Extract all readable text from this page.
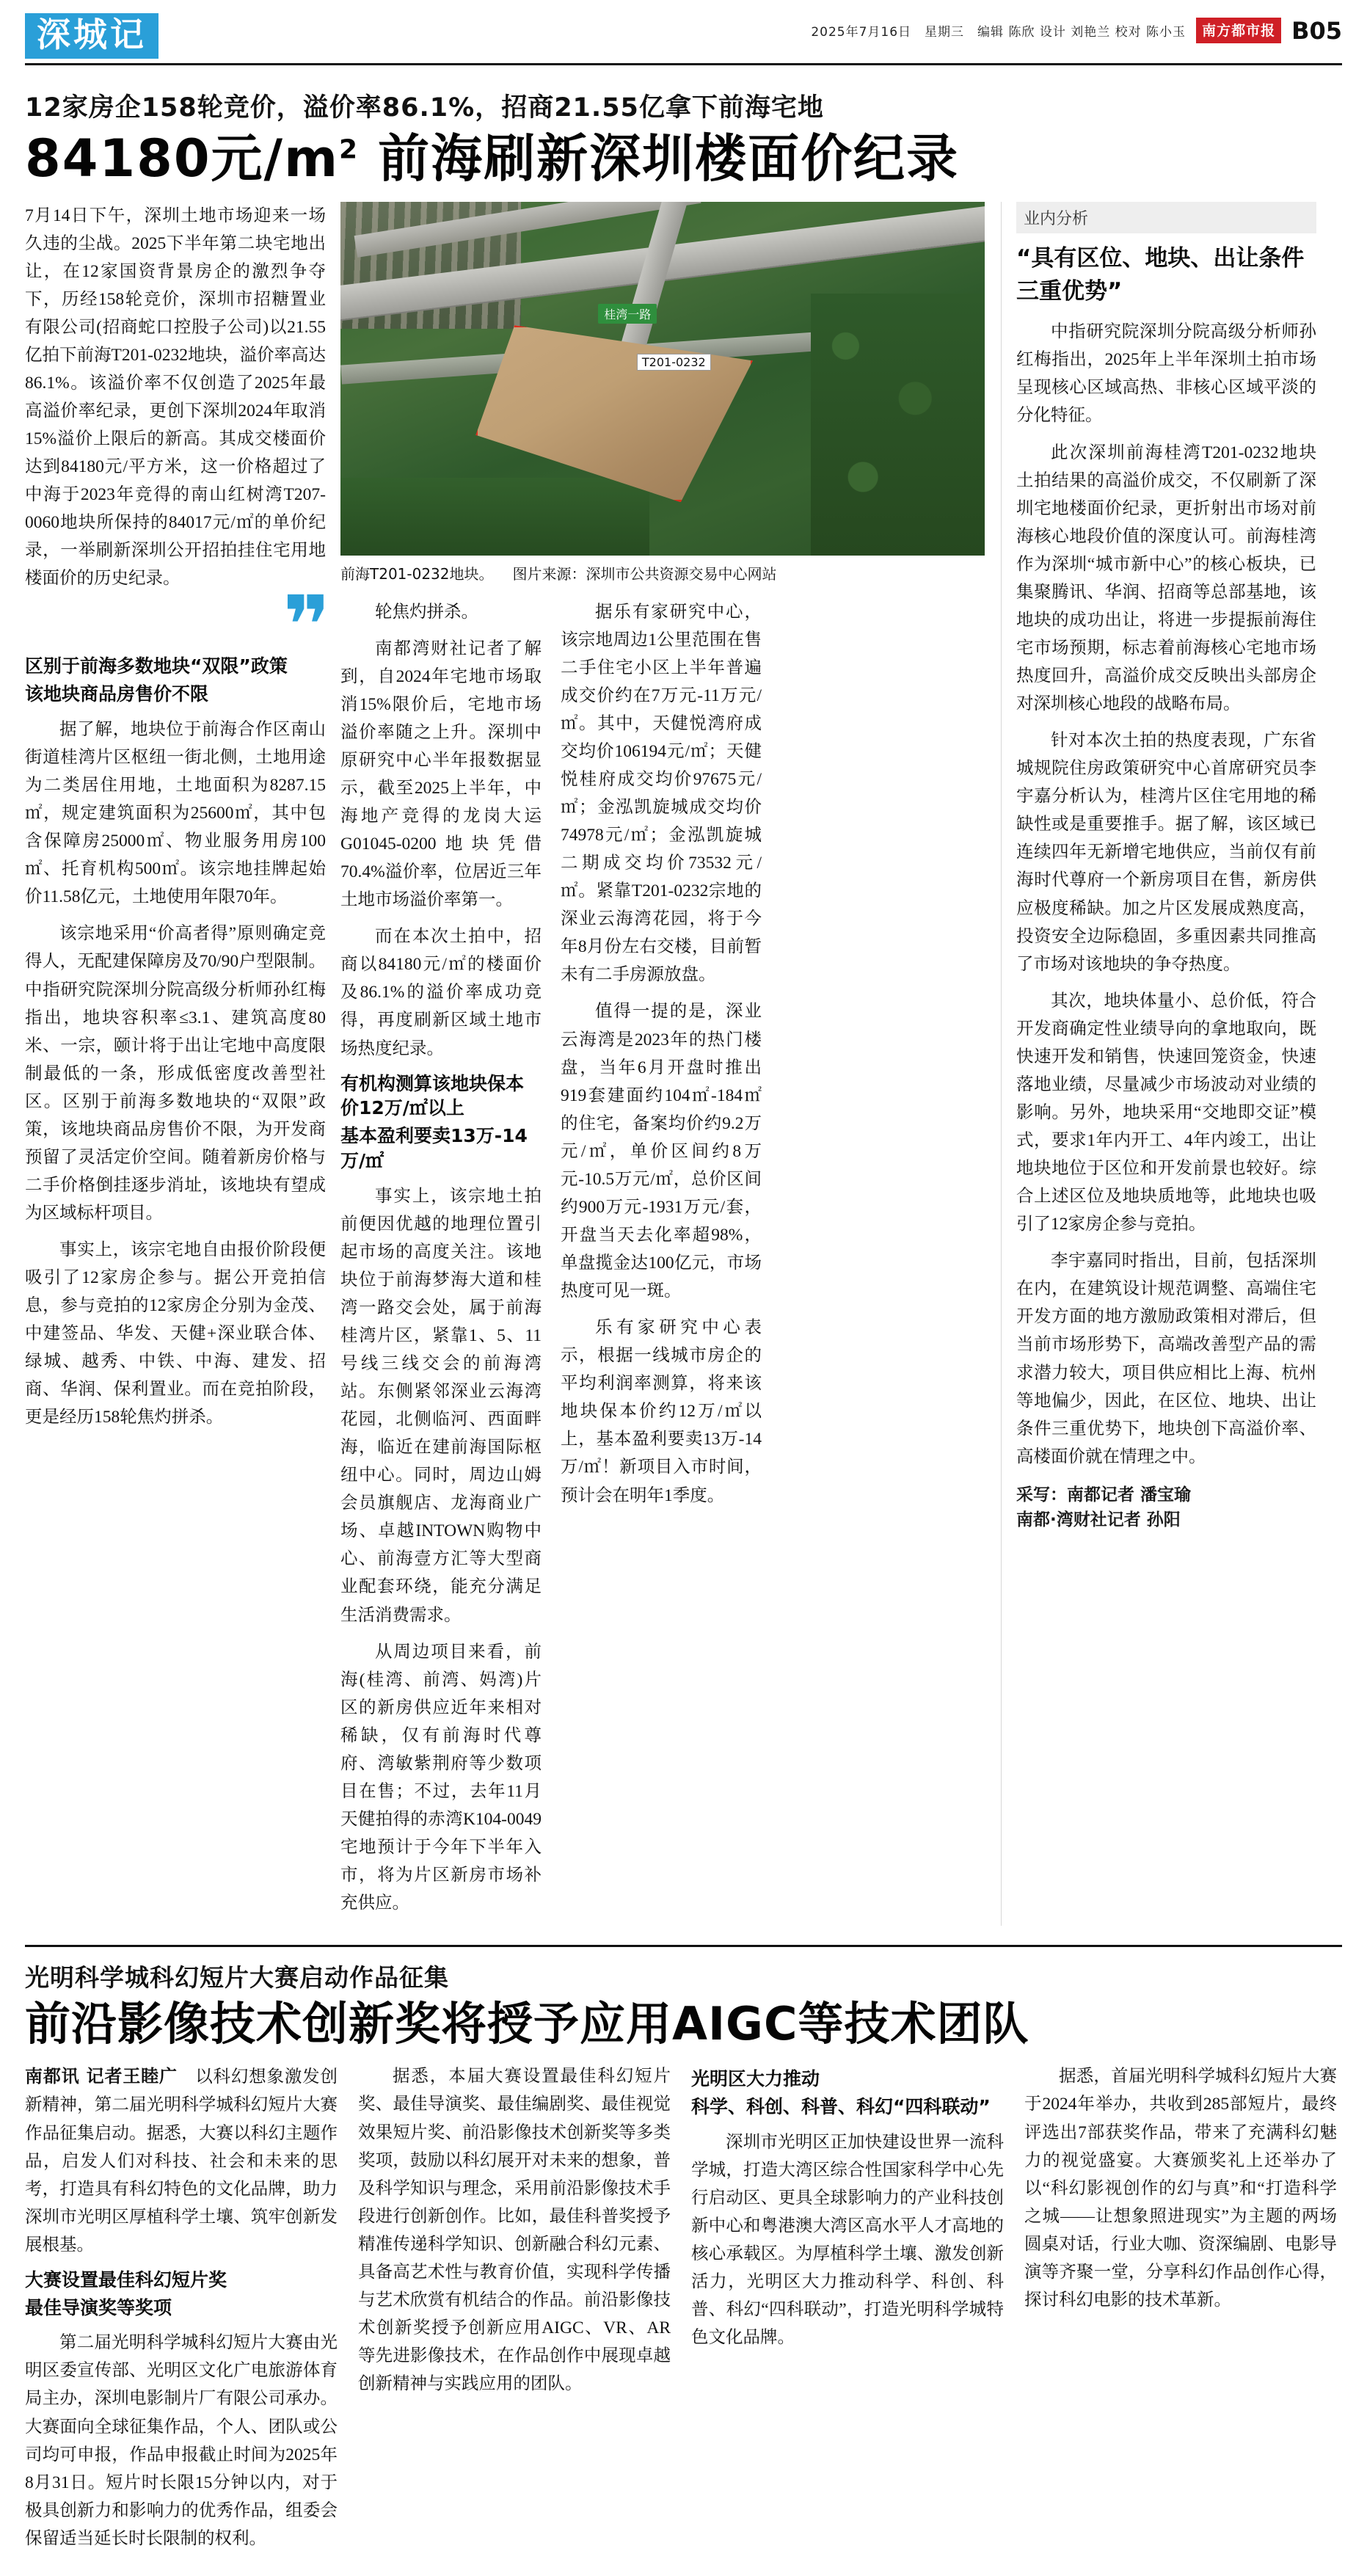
深城记	2025年7月16日　星期三　编辑 陈欣 设计 刘艳兰 校对 陈小玉	南方都市报 B05
12家房企158轮竞价，溢价率86.1%，招商21.55亿拿下前海宅地
84180元$/m^2$ 前海刷新深圳楼面价纪录

7月14日下午，深圳土地市场迎来一场久违的尘战。2025下半年第二块宅地出让，在12家国资背景房企的激烈争夺下，历经158轮竞价，深圳市招糖置业有限公司(招商蛇口控股子公司)以21.55亿拍下前海T201-0232地块，溢价率高达86.1%。该溢价率不仅创造了2025年最高溢价率纪录，更创下深圳2024年取消15%溢价上限后的新高。其成交楼面价达到84180元/平方米，这一价格超过了中海于2023年竞得的南山红树湾T207-0060地块所保持的84017元/㎡的单价纪录，一举刷新深圳公开招拍挂住宅用地楼面价的历史纪录。

❞
区别于前海多数地块“双限”政策
该地块商品房售价不限

据了解，地块位于前海合作区南山街道桂湾片区枢纽一街北侧，土地用途为二类居住用地，土地面积为8287.15㎡，规定建筑面积为25600㎡，其中包含保障房25000㎡、物业服务用房100㎡、托育机构500㎡。该宗地挂牌起始价11.58亿元，土地使用年限70年。

该宗地采用“价高者得”原则确定竞得人，无配建保障房及70/90户型限制。中指研究院深圳分院高级分析师孙红梅指出，地块容积率≤3.1、建筑高度80米、一宗，颐计将于出让宅地中高度限制最低的一条，形成低密度改善型社区。区别于前海多数地块的“双限”政策，该地块商品房售价不限，为开发商预留了灵活定价空间。随着新房价格与二手价格倒挂逐步消址，该地块有望成为区域标杆项目。

事实上，该宗宅地自由报价阶段便吸引了12家房企参与。据公开竞拍信息，参与竞拍的12家房企分别为金茂、中建签品、华发、天健+深业联合体、绿城、越秀、中铁、中海、建发、招商、华润、保利置业。而在竞拍阶段，更是经历158轮焦灼拼杀。

桂湾一路
T201-0232
前海T201-0232地块。 图片来源：深圳市公共资源交易中心网站

轮焦灼拼杀。

南都湾财社记者了解到，自2024年宅地市场取消15%限价后，宅地市场溢价率随之上升。深圳中原研究中心半年报数据显示，截至2025上半年，中海地产竞得的龙岗大运G01045-0200地块凭借70.4%溢价率，位居近三年土地市场溢价率第一。

而在本次土拍中，招商以84180元/㎡的楼面价及86.1%的溢价率成功竞得，再度刷新区域土地市场热度纪录。

有机构测算该地块保本价12万/㎡以上
基本盈利要卖13万-14万/㎡

事实上，该宗地土拍前便因优越的地理位置引起市场的高度关注。该地块位于前海梦海大道和桂湾一路交会处，属于前海桂湾片区，紧靠1、5、11号线三线交会的前海湾站。东侧紧邻深业云海湾花园，北侧临河、西面畔海，临近在建前海国际枢纽中心。同时，周边山姆会员旗舰店、龙海商业广场、卓越INTOWN购物中心、前海壹方汇等大型商业配套环绕，能充分满足生活消费需求。

从周边项目来看，前海(桂湾、前湾、妈湾)片区的新房供应近年来相对稀缺，仅有前海时代尊府、湾敏紫荆府等少数项目在售；不过，去年11月天健拍得的赤湾K104-0049宅地预计于今年下半年入市，将为片区新房市场补充供应。

据乐有家研究中心，该宗地周边1公里范围在售二手住宅小区上半年普遍成交价约在7万元-11万元/㎡。其中，天健悦湾府成交均价106194元/㎡；天健悦桂府成交均价97675元/㎡；金泓凯旋城成交均价74978元/㎡；金泓凯旋城二期成交均价73532元/㎡。紧靠T201-0232宗地的深业云海湾花园，将于今年8月份左右交楼，目前暂未有二手房源放盘。

值得一提的是，深业云海湾是2023年的热门楼盘，当年6月开盘时推出919套建面约104㎡-184㎡的住宅，备案均价约9.2万元/㎡，单价区间约8万元-10.5万元/㎡，总价区间约900万元-1931万元/套，开盘当天去化率超98%，单盘揽金达100亿元，市场热度可见一斑。

乐有家研究中心表示，根据一线城市房企的平均利润率测算，将来该地块保本价约12万/㎡以上，基本盈利要卖13万-14万/㎡！新项目入市时间，预计会在明年1季度。

业内分析
“具有区位、地块、出让条件
三重优势”

中指研究院深圳分院高级分析师孙红梅指出，2025年上半年深圳土拍市场呈现核心区域高热、非核心区域平淡的分化特征。

此次深圳前海桂湾T201-0232地块土拍结果的高溢价成交，不仅刷新了深圳宅地楼面价纪录，更折射出市场对前海核心地段价值的深度认可。前海桂湾作为深圳“城市新中心”的核心板块，已集聚腾讯、华润、招商等总部基地，该地块的成功出让，将进一步提振前海住宅市场预期，标志着前海核心宅地市场热度回升，高溢价成交反映出头部房企对深圳核心地段的战略布局。

针对本次土拍的热度表现，广东省城规院住房政策研究中心首席研究员李宇嘉分析认为，桂湾片区住宅用地的稀缺性或是重要推手。据了解，该区域已连续四年无新增宅地供应，当前仅有前海时代尊府一个新房项目在售，新房供应极度稀缺。加之片区发展成熟度高，投资安全边际稳固，多重因素共同推高了市场对该地块的争夺热度。

其次，地块体量小、总价低，符合开发商确定性业绩导向的拿地取向，既快速开发和销售，快速回笼资金，快速落地业绩，尽量减少市场波动对业绩的影响。另外，地块采用“交地即交证”模式，要求1年内开工、4年内竣工，出让地块地位于区位和开发前景也较好。综合上述区位及地块质地等，此地块也吸引了12家房企参与竞拍。

李宇嘉同时指出，目前，包括深圳在内，在建筑设计规范调整、高端住宅开发方面的地方激励政策相对滞后，但当前市场形势下，高端改善型产品的需求潜力较大，项目供应相比上海、杭州等地偏少，因此，在区位、地块、出让条件三重优势下，地块创下高溢价率、高楼面价就在情理之中。

采写：南都记者 潘宝瑜
南都·湾财社记者 孙阳
光明科学城科幻短片大赛启动作品征集
前沿影像技术创新奖将授予应用AIGC等技术团队

南都讯 记者王睦广　 以科幻想象激发创新精神，第二届光明科学城科幻短片大赛作品征集启动。据悉，大赛以科幻主题作品，启发人们对科技、社会和未来的思考，打造具有科幻特色的文化品牌，助力深圳市光明区厚植科学土壤、筑牢创新发展根基。

大赛设置最佳科幻短片奖
最佳导演奖等奖项

第二届光明科学城科幻短片大赛由光明区委宣传部、光明区文化广电旅游体育局主办，深圳电影制片厂有限公司承办。大赛面向全球征集作品，个人、团队或公司均可申报，作品申报截止时间为2025年8月31日。短片时长限15分钟以内，对于极具创新力和影响力的优秀作品，组委会保留适当延长时长限制的权利。

据悉，本届大赛设置最佳科幻短片奖、最佳导演奖、最佳编剧奖、最佳视觉效果短片奖、前沿影像技术创新奖等多类奖项，鼓励以科幻展开对未来的想象，普及科学知识与理念，采用前沿影像技术手段进行创新创作。比如，最佳科普奖授予精准传递科学知识、创新融合科幻元素、具备高艺术性与教育价值，实现科学传播与艺术欣赏有机结合的作品。前沿影像技术创新奖授予创新应用AIGC、VR、AR等先进影像技术，在作品创作中展现卓越创新精神与实践应用的团队。

光明区大力推动
科学、科创、科普、科幻“四科联动”

深圳市光明区正加快建设世界一流科学城，打造大湾区综合性国家科学中心先行启动区、更具全球影响力的产业科技创新中心和粤港澳大湾区高水平人才高地的核心承载区。为厚植科学土壤、激发创新活力，光明区大力推动科学、科创、科普、科幻“四科联动”，打造光明科学城特色文化品牌。

据悉，首届光明科学城科幻短片大赛于2024年举办，共收到285部短片，最终评选出7部获奖作品，带来了充满科幻魅力的视觉盛宴。大赛颁奖礼上还举办了以“科幻影视创作的幻与真”和“打造科学之城——让想象照进现实”为主题的两场圆桌对话，行业大咖、资深编剧、电影导演等齐聚一堂，分享科幻作品创作心得，探讨科幻电影的技术革新。
